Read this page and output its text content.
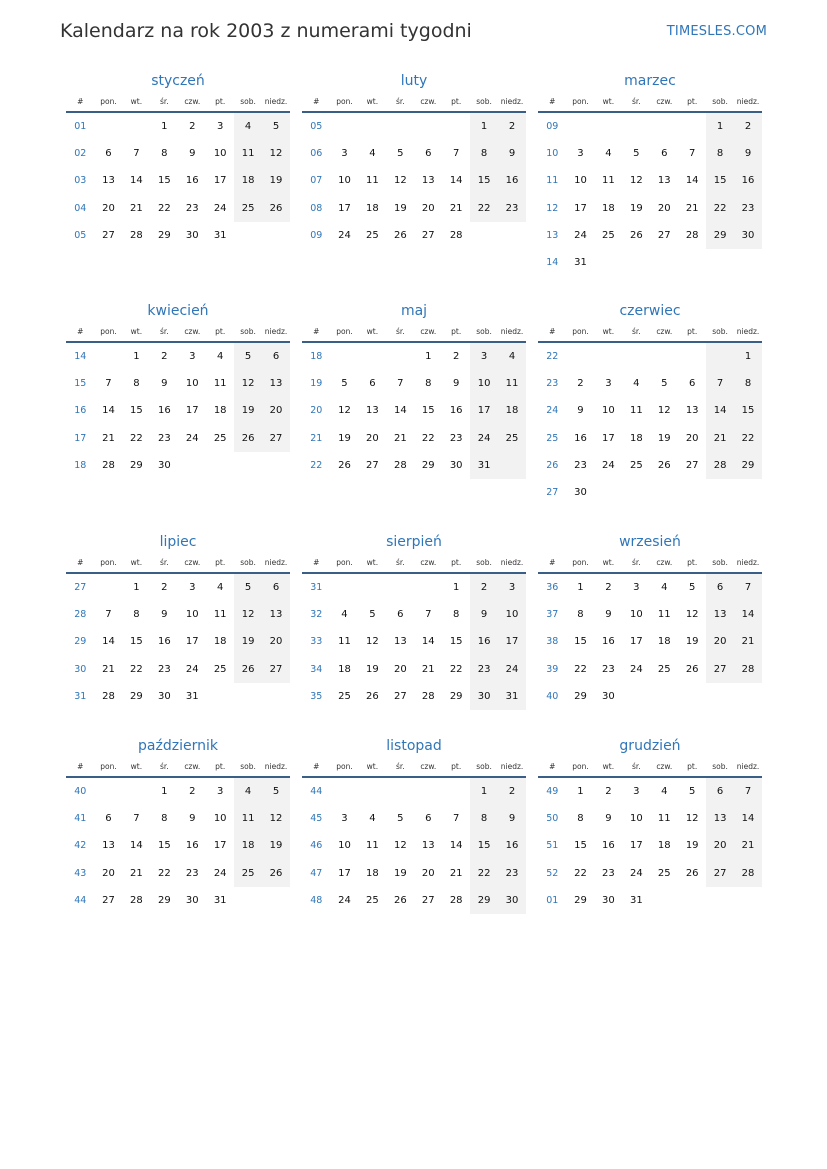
Kalendarz na rok 2003 z numerami tygodni	TIMESLES.COM
styczeń
#	pon.	wt.	śr.	czw.	pt.	sob.	niedz.
01			1	2	3	4	5
02	6	7	8	9	10	11	12
03	13	14	15	16	17	18	19
04	20	21	22	23	24	25	26
05	27	28	29	30	31		
luty
#	pon.	wt.	śr.	czw.	pt.	sob.	niedz.
05						1	2
06	3	4	5	6	7	8	9
07	10	11	12	13	14	15	16
08	17	18	19	20	21	22	23
09	24	25	26	27	28		
marzec
#	pon.	wt.	śr.	czw.	pt.	sob.	niedz.
09						1	2
10	3	4	5	6	7	8	9
11	10	11	12	13	14	15	16
12	17	18	19	20	21	22	23
13	24	25	26	27	28	29	30
14	31						
kwiecień
#	pon.	wt.	śr.	czw.	pt.	sob.	niedz.
14		1	2	3	4	5	6
15	7	8	9	10	11	12	13
16	14	15	16	17	18	19	20
17	21	22	23	24	25	26	27
18	28	29	30				
maj
#	pon.	wt.	śr.	czw.	pt.	sob.	niedz.
18				1	2	3	4
19	5	6	7	8	9	10	11
20	12	13	14	15	16	17	18
21	19	20	21	22	23	24	25
22	26	27	28	29	30	31	
czerwiec
#	pon.	wt.	śr.	czw.	pt.	sob.	niedz.
22							1
23	2	3	4	5	6	7	8
24	9	10	11	12	13	14	15
25	16	17	18	19	20	21	22
26	23	24	25	26	27	28	29
27	30						
lipiec
#	pon.	wt.	śr.	czw.	pt.	sob.	niedz.
27		1	2	3	4	5	6
28	7	8	9	10	11	12	13
29	14	15	16	17	18	19	20
30	21	22	23	24	25	26	27
31	28	29	30	31			
sierpień
#	pon.	wt.	śr.	czw.	pt.	sob.	niedz.
31					1	2	3
32	4	5	6	7	8	9	10
33	11	12	13	14	15	16	17
34	18	19	20	21	22	23	24
35	25	26	27	28	29	30	31
wrzesień
#	pon.	wt.	śr.	czw.	pt.	sob.	niedz.
36	1	2	3	4	5	6	7
37	8	9	10	11	12	13	14
38	15	16	17	18	19	20	21
39	22	23	24	25	26	27	28
40	29	30					
październik
#	pon.	wt.	śr.	czw.	pt.	sob.	niedz.
40			1	2	3	4	5
41	6	7	8	9	10	11	12
42	13	14	15	16	17	18	19
43	20	21	22	23	24	25	26
44	27	28	29	30	31		
listopad
#	pon.	wt.	śr.	czw.	pt.	sob.	niedz.
44						1	2
45	3	4	5	6	7	8	9
46	10	11	12	13	14	15	16
47	17	18	19	20	21	22	23
48	24	25	26	27	28	29	30
grudzień
#	pon.	wt.	śr.	czw.	pt.	sob.	niedz.
49	1	2	3	4	5	6	7
50	8	9	10	11	12	13	14
51	15	16	17	18	19	20	21
52	22	23	24	25	26	27	28
01	29	30	31				
